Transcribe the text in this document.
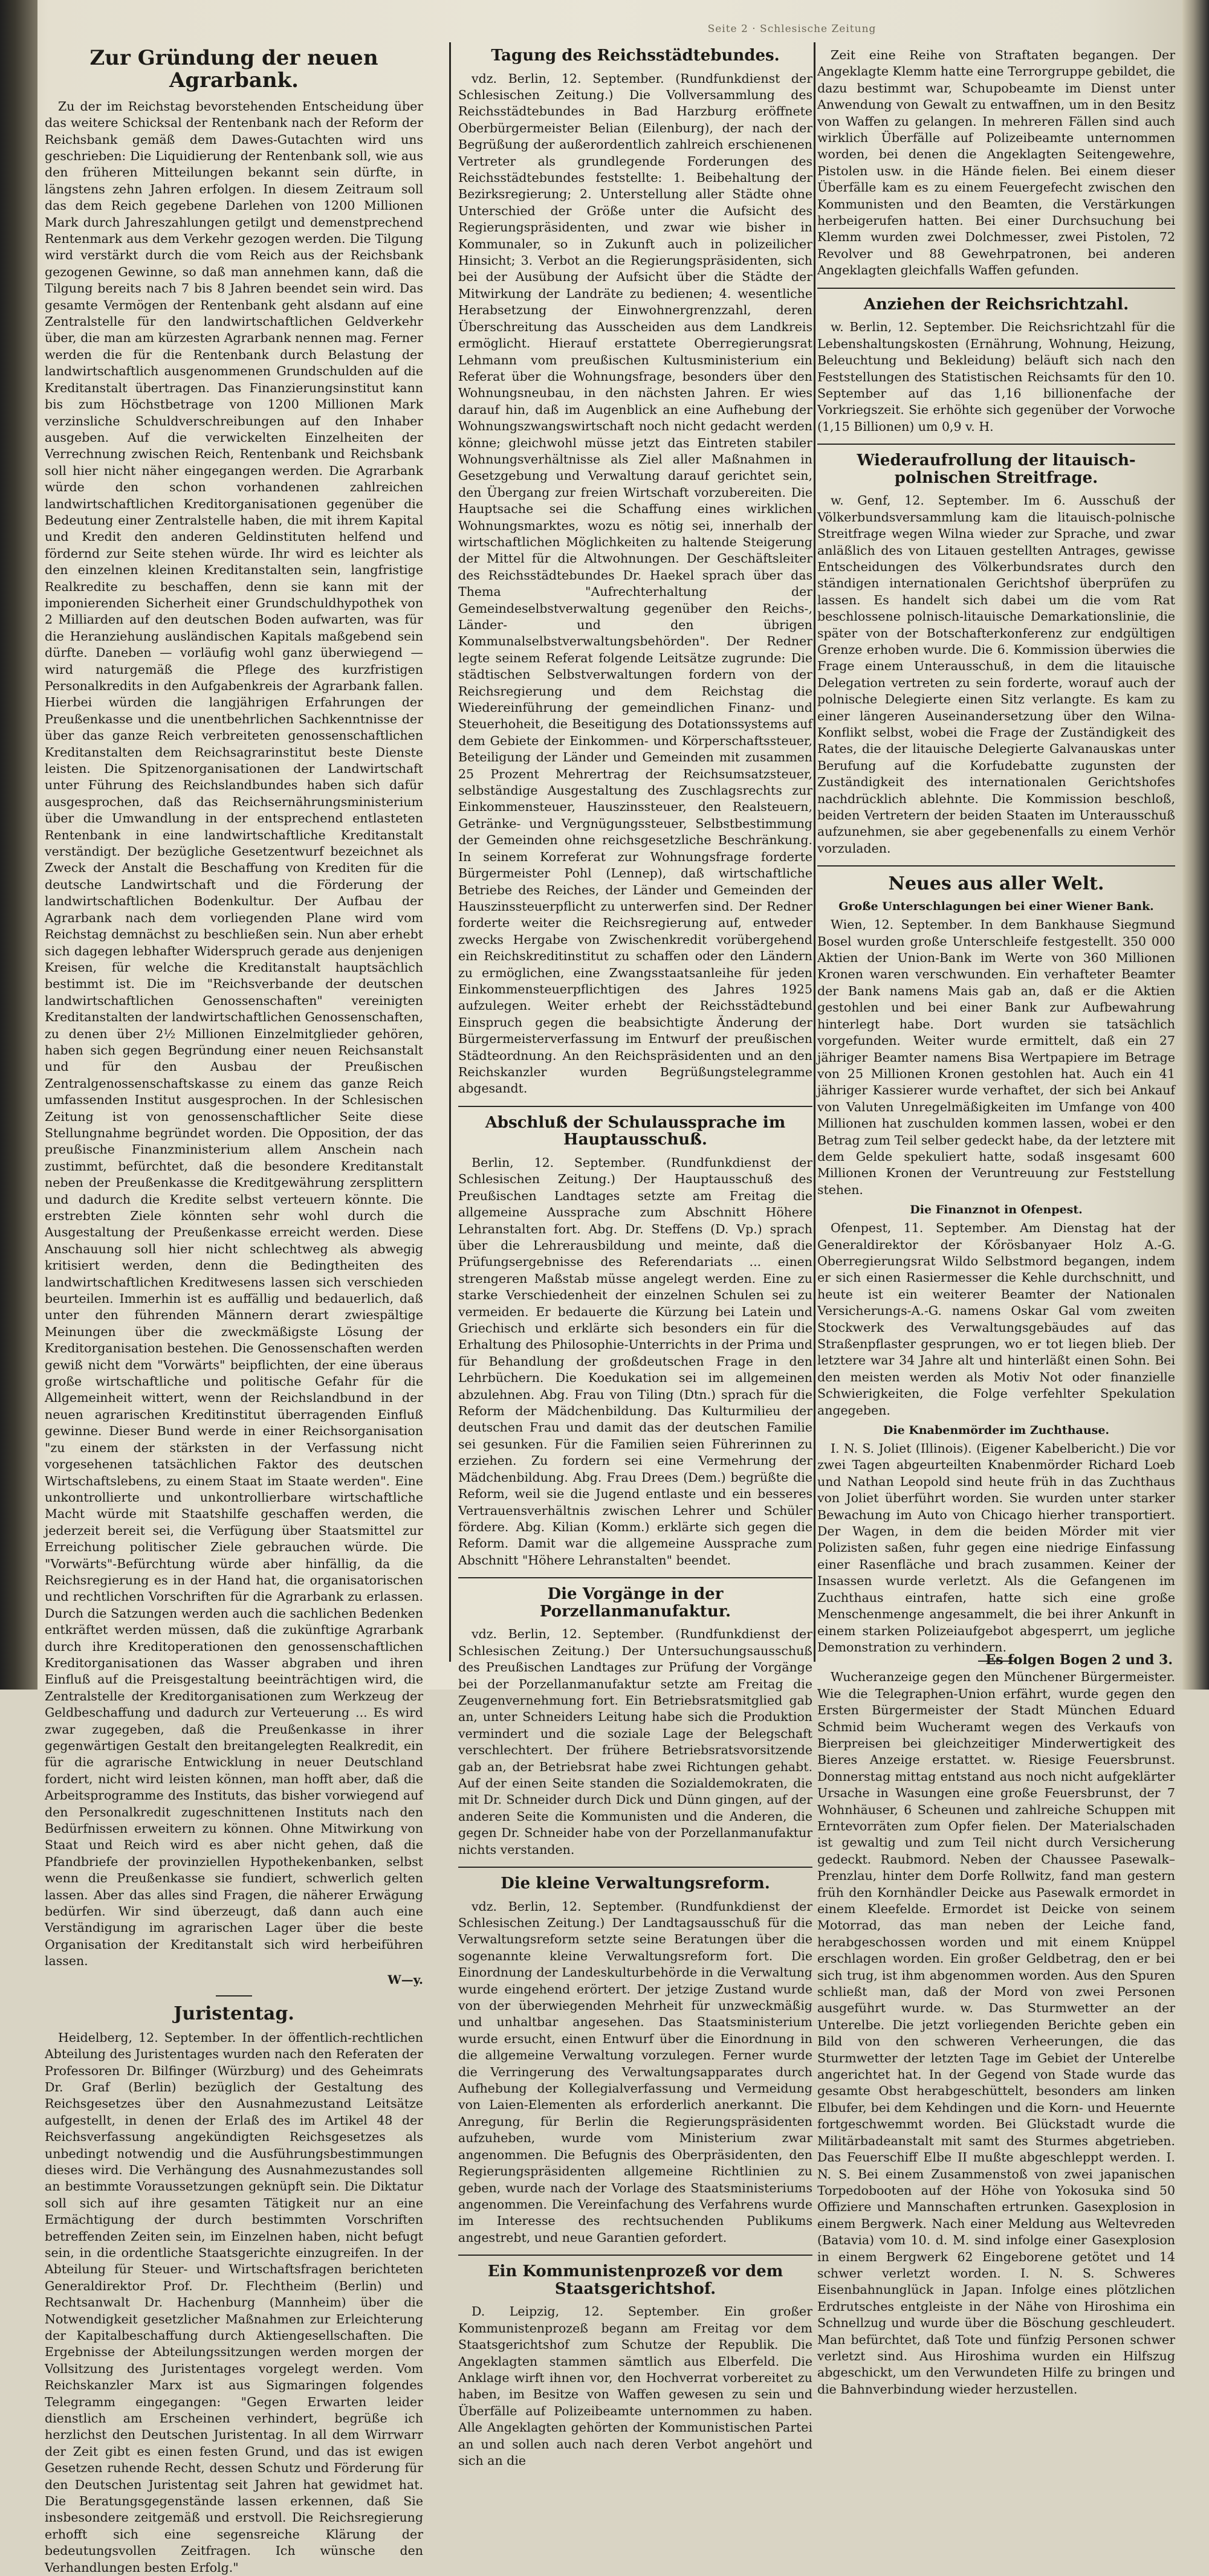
Seite 2 · Schlesische Zeitung
Zur Gründung der neuen Agrarbank.

Zu der im Reichstag bevorstehenden Entscheidung über das weitere Schicksal der Rentenbank nach der Reform der Reichsbank gemäß dem Dawes-Gutachten wird uns geschrieben: Die Liquidierung der Rentenbank soll, wie aus den früheren Mitteilungen bekannt sein dürfte, in längstens zehn Jahren erfolgen. In diesem Zeitraum soll das dem Reich gegebene Darlehen von 1200 Millionen Mark durch Jahreszahlungen getilgt und demenstprechend Rentenmark aus dem Verkehr gezogen werden. Die Tilgung wird verstärkt durch die vom Reich aus der Reichsbank gezogenen Gewinne, so daß man annehmen kann, daß die Tilgung bereits nach 7 bis 8 Jahren beendet sein wird. Das gesamte Vermögen der Rentenbank geht alsdann auf eine Zentralstelle für den landwirtschaftlichen Geldverkehr über, die man am kürzesten Agrarbank nennen mag. Ferner werden die für die Rentenbank durch Belastung der landwirtschaftlich ausgenommenen Grundschulden auf die Kreditanstalt übertragen. Das Finanzierungsinstitut kann bis zum Höchstbetrage von 1200 Millionen Mark verzinsliche Schuldverschreibungen auf den Inhaber ausgeben. Auf die verwickelten Einzelheiten der Verrechnung zwischen Reich, Rentenbank und Reichsbank soll hier nicht näher eingegangen werden. Die Agrarbank würde den schon vorhandenen zahlreichen landwirtschaftlichen Kreditorganisationen gegenüber die Bedeutung einer Zentralstelle haben, die mit ihrem Kapital und Kredit den anderen Geldinstituten helfend und fördernd zur Seite stehen würde. Ihr wird es leichter als den einzelnen kleinen Kreditanstalten sein, langfristige Realkredite zu beschaffen, denn sie kann mit der imponierenden Sicherheit einer Grundschuldhypothek von 2 Milliarden auf den deutschen Boden aufwarten, was für die Heranziehung ausländischen Kapitals maßgebend sein dürfte. Daneben — vorläufig wohl ganz überwiegend — wird naturgemäß die Pflege des kurzfristigen Personalkredits in den Aufgabenkreis der Agrarbank fallen. Hierbei würden die langjährigen Erfahrungen der Preußenkasse und die unentbehrlichen Sachkenntnisse der über das ganze Reich verbreiteten genossenschaftlichen Kreditanstalten dem Reichsagrarinstitut beste Dienste leisten. Die Spitzenorganisationen der Landwirtschaft unter Führung des Reichslandbundes haben sich dafür ausgesprochen, daß das Reichsernährungsministerium über die Umwandlung in der entsprechend entlasteten Rentenbank in eine landwirtschaftliche Kreditanstalt verständigt. Der bezügliche Gesetzentwurf bezeichnet als Zweck der Anstalt die Beschaffung von Krediten für die deutsche Landwirtschaft und die Förderung der landwirtschaftlichen Bodenkultur. Der Aufbau der Agrarbank nach dem vorliegenden Plane wird vom Reichstag demnächst zu beschließen sein. Nun aber erhebt sich dagegen lebhafter Widerspruch gerade aus denjenigen Kreisen, für welche die Kreditanstalt hauptsächlich bestimmt ist. Die im "Reichsverbande der deutschen landwirtschaftlichen Genossenschaften" vereinigten Kreditanstalten der landwirtschaftlichen Genossenschaften, zu denen über 2½ Millionen Einzelmitglieder gehören, haben sich gegen Begründung einer neuen Reichsanstalt und für den Ausbau der Preußischen Zentralgenossenschaftskasse zu einem das ganze Reich umfassenden Institut ausgesprochen. In der Schlesischen Zeitung ist von genossenschaftlicher Seite diese Stellungnahme begründet worden. Die Opposition, der das preußische Finanzministerium allem Anschein nach zustimmt, befürchtet, daß die besondere Kreditanstalt neben der Preußenkasse die Kreditgewährung zersplittern und dadurch die Kredite selbst verteuern könnte. Die erstrebten Ziele könnten sehr wohl durch die Ausgestaltung der Preußenkasse erreicht werden. Diese Anschauung soll hier nicht schlechtweg als abwegig kritisiert werden, denn die Bedingtheiten des landwirtschaftlichen Kreditwesens lassen sich verschieden beurteilen. Immerhin ist es auffällig und bedauerlich, daß unter den führenden Männern derart zwiespältige Meinungen über die zweckmäßigste Lösung der Kreditorganisation bestehen. Die Genossenschaften werden gewiß nicht dem "Vorwärts" beipflichten, der eine überaus große wirtschaftliche und politische Gefahr für die Allgemeinheit wittert, wenn der Reichslandbund in der neuen agrarischen Kreditinstitut überragenden Einfluß gewinne. Dieser Bund werde in einer Reichsorganisation "zu einem der stärksten in der Verfassung nicht vorgesehenen tatsächlichen Faktor des deutschen Wirtschaftslebens, zu einem Staat im Staate werden". Eine unkontrollierte und unkontrollierbare wirtschaftliche Macht würde mit Staatshilfe geschaffen werden, die jederzeit bereit sei, die Verfügung über Staatsmittel zur Erreichung politischer Ziele gebrauchen würde. Die "Vorwärts"-Befürchtung würde aber hinfällig, da die Reichsregierung es in der Hand hat, die organisatorischen und rechtlichen Vorschriften für die Agrarbank zu erlassen. Durch die Satzungen werden auch die sachlichen Bedenken entkräftet werden müssen, daß die zukünftige Agrarbank durch ihre Kreditoperationen den genossenschaftlichen Kreditorganisationen das Wasser abgraben und ihren Einfluß auf die Preisgestaltung beeinträchtigen wird, die Zentralstelle der Kreditorganisationen zum Werkzeug der Geldbeschaffung und dadurch zur Verteuerung ... Es wird zwar zugegeben, daß die Preußenkasse in ihrer gegenwärtigen Gestalt den breitangelegten Realkredit, ein für die agrarische Entwicklung in neuer Deutschland fordert, nicht wird leisten können, man hofft aber, daß die Arbeitsprogramme des Instituts, das bisher vorwiegend auf den Personalkredit zugeschnittenen Instituts nach den Bedürfnissen erweitern zu können. Ohne Mitwirkung von Staat und Reich wird es aber nicht gehen, daß die Pfandbriefe der provinziellen Hypothekenbanken, selbst wenn die Preußenkasse sie fundiert, schwerlich gelten lassen. Aber das alles sind Fragen, die näherer Erwägung bedürfen. Wir sind überzeugt, daß dann auch eine Verständigung im agrarischen Lager über die beste Organisation der Kreditanstalt sich wird herbeiführen lassen.

W—y.
Juristentag.

Heidelberg, 12. September. In der öffentlich-rechtlichen Abteilung des Juristentages wurden nach den Referaten der Professoren Dr. Bilfinger (Würzburg) und des Geheimrats Dr. Graf (Berlin) bezüglich der Gestaltung des Reichsgesetzes über den Ausnahmezustand Leitsätze aufgestellt, in denen der Erlaß des im Artikel 48 der Reichsverfassung angekündigten Reichsgesetzes als unbedingt notwendig und die Ausführungsbestimmungen dieses wird. Die Verhängung des Ausnahmezustandes soll an bestimmte Voraussetzungen geknüpft sein. Die Diktatur soll sich auf ihre gesamten Tätigkeit nur an eine Ermächtigung der durch bestimmten Vorschriften betreffenden Zeiten sein, im Einzelnen haben, nicht befugt sein, in die ordentliche Staatsgerichte einzugreifen. In der Abteilung für Steuer- und Wirtschaftsfragen berichteten Generaldirektor Prof. Dr. Flechtheim (Berlin) und Rechtsanwalt Dr. Hachenburg (Mannheim) über die Notwendigkeit gesetzlicher Maßnahmen zur Erleichterung der Kapitalbeschaffung durch Aktiengesellschaften. Die Ergebnisse der Abteilungssitzungen werden morgen der Vollsitzung des Juristentages vorgelegt werden. Vom Reichskanzler Marx ist aus Sigmaringen folgendes Telegramm eingegangen: "Gegen Erwarten leider dienstlich am Erscheinen verhindert, begrüße ich herzlichst den Deutschen Juristentag. In all dem Wirrwarr der Zeit gibt es einen festen Grund, und das ist ewigen Gesetzen ruhende Recht, dessen Schutz und Förderung für den Deutschen Juristentag seit Jahren hat gewidmet hat. Die Beratungsgegenstände lassen erkennen, daß Sie insbesondere zeitgemäß und erstvoll. Die Reichsregierung erhofft sich eine segensreiche Klärung der bedeutungsvollen Zeitfragen. Ich wünsche den Verhandlungen besten Erfolg."

Tagung des Reichsstädtebundes.

vdz. Berlin, 12. September. (Rundfunkdienst der Schlesischen Zeitung.) Die Vollversammlung des Reichsstädtebundes in Bad Harzburg eröffnete Oberbürgermeister Belian (Eilenburg), der nach der Begrüßung der außerordentlich zahlreich erschienenen Vertreter als grundlegende Forderungen des Reichsstädtebundes feststellte: 1. Beibehaltung der Bezirksregierung; 2. Unterstellung aller Städte ohne Unterschied der Größe unter die Aufsicht des Regierungspräsidenten, und zwar wie bisher in Kommunaler, so in Zukunft auch in polizeilicher Hinsicht; 3. Verbot an die Regierungspräsidenten, sich bei der Ausübung der Aufsicht über die Städte der Mitwirkung der Landräte zu bedienen; 4. wesentliche Herabsetzung der Einwohnergrenzzahl, deren Überschreitung das Ausscheiden aus dem Landkreis ermöglicht. Hierauf erstattete Oberregierungsrat Lehmann vom preußischen Kultusministerium ein Referat über die Wohnungsfrage, besonders über den Wohnungsneubau, in den nächsten Jahren. Er wies darauf hin, daß im Augenblick an eine Aufhebung der Wohnungszwangswirtschaft noch nicht gedacht werden könne; gleichwohl müsse jetzt das Eintreten stabiler Wohnungsverhältnisse als Ziel aller Maßnahmen in Gesetzgebung und Verwaltung darauf gerichtet sein, den Übergang zur freien Wirtschaft vorzubereiten. Die Hauptsache sei die Schaffung eines wirklichen Wohnungsmarktes, wozu es nötig sei, innerhalb der wirtschaftlichen Möglichkeiten zu haltende Steigerung der Mittel für die Altwohnungen. Der Geschäftsleiter des Reichsstädtebundes Dr. Haekel sprach über das Thema "Aufrechterhaltung der Gemeindeselbstverwaltung gegenüber den Reichs-, Länder- und den übrigen Kommunalselbstverwaltungsbehörden". Der Redner legte seinem Referat folgende Leitsätze zugrunde: Die städtischen Selbstverwaltungen fordern von der Reichsregierung und dem Reichstag die Wiedereinführung der gemeindlichen Finanz- und Steuerhoheit, die Beseitigung des Dotationssystems auf dem Gebiete der Einkommen- und Körperschaftssteuer, Beteiligung der Länder und Gemeinden mit zusammen 25 Prozent Mehrertrag der Reichsumsatzsteuer, selbständige Ausgestaltung des Zuschlagsrechts zur Einkommensteuer, Hauszinssteuer, den Realsteuern, Getränke- und Vergnügungssteuer, Selbstbestimmung der Gemeinden ohne reichsgesetzliche Beschränkung. In seinem Korreferat zur Wohnungsfrage forderte Bürgermeister Pohl (Lennep), daß wirtschaftliche Betriebe des Reiches, der Länder und Gemeinden der Hauszinssteuerpflicht zu unterwerfen sind. Der Redner forderte weiter die Reichsregierung auf, entweder zwecks Hergabe von Zwischenkredit vorübergehend ein Reichskreditinstitut zu schaffen oder den Ländern zu ermöglichen, eine Zwangsstaatsanleihe für jeden Einkommensteuerpflichtigen des Jahres 1925 aufzulegen. Weiter erhebt der Reichsstädtebund Einspruch gegen die beabsichtigte Änderung der Bürgermeisterverfassung im Entwurf der preußischen Städteordnung. An den Reichspräsidenten und an den Reichskanzler wurden Begrüßungstelegramme abgesandt.

Abschluß der Schulaussprache im Hauptausschuß.

Berlin, 12. September. (Rundfunkdienst der Schlesischen Zeitung.) Der Hauptausschuß des Preußischen Landtages setzte am Freitag die allgemeine Aussprache zum Abschnitt Höhere Lehranstalten fort. Abg. Dr. Steffens (D. Vp.) sprach über die Lehrerausbildung und meinte, daß die Prüfungsergebnisse des Referendariats ... einen strengeren Maßstab müsse angelegt werden. Eine zu starke Verschiedenheit der einzelnen Schulen sei zu vermeiden. Er bedauerte die Kürzung bei Latein und Griechisch und erklärte sich besonders ein für die Erhaltung des Philosophie-Unterrichts in der Prima und für Behandlung der großdeutschen Frage in den Lehrbüchern. Die Koedukation sei im allgemeinen abzulehnen. Abg. Frau von Tiling (Dtn.) sprach für die Reform der Mädchenbildung. Das Kulturmilieu der deutschen Frau und damit das der deutschen Familie sei gesunken. Für die Familien seien Führerinnen zu erziehen. Zu fordern sei eine Vermehrung der Mädchenbildung. Abg. Frau Drees (Dem.) begrüßte die Reform, weil sie die Jugend entlaste und ein besseres Vertrauensverhältnis zwischen Lehrer und Schüler fördere. Abg. Kilian (Komm.) erklärte sich gegen die Reform. Damit war die allgemeine Aussprache zum Abschnitt "Höhere Lehranstalten" beendet.

Die Vorgänge in der Porzellanmanufaktur.

vdz. Berlin, 12. September. (Rundfunkdienst der Schlesischen Zeitung.) Der Untersuchungsausschuß des Preußischen Landtages zur Prüfung der Vorgänge bei der Porzellanmanufaktur setzte am Freitag die Zeugenvernehmung fort. Ein Betriebsratsmitglied gab an, unter Schneiders Leitung habe sich die Produktion vermindert und die soziale Lage der Belegschaft verschlechtert. Der frühere Betriebsratsvorsitzende gab an, der Betriebsrat habe zwei Richtungen gehabt. Auf der einen Seite standen die Sozialdemokraten, die mit Dr. Schneider durch Dick und Dünn gingen, auf der anderen Seite die Kommunisten und die Anderen, die gegen Dr. Schneider habe von der Porzellanmanufaktur nichts verstanden.

Die kleine Verwaltungsreform.

vdz. Berlin, 12. September. (Rundfunkdienst der Schlesischen Zeitung.) Der Landtagsausschuß für die Verwaltungsreform setzte seine Beratungen über die sogenannte kleine Verwaltungsreform fort. Die Einordnung der Landeskulturbehörde in die Verwaltung wurde eingehend erörtert. Der jetzige Zustand wurde von der überwiegenden Mehrheit für unzweckmäßig und unhaltbar angesehen. Das Staatsministerium wurde ersucht, einen Entwurf über die Einordnung in die allgemeine Verwaltung vorzulegen. Ferner wurde die Verringerung des Verwaltungsapparates durch Aufhebung der Kollegialverfassung und Vermeidung von Laien-Elementen als erforderlich anerkannt. Die Anregung, für Berlin die Regierungspräsidenten aufzuheben, wurde vom Ministerium zwar angenommen. Die Befugnis des Oberpräsidenten, den Regierungspräsidenten allgemeine Richtlinien zu geben, wurde nach der Vorlage des Staatsministeriums angenommen. Die Vereinfachung des Verfahrens wurde im Interesse des rechtsuchenden Publikums angestrebt, und neue Garantien gefordert.

Ein Kommunistenprozeß vor dem Staatsgerichtshof.

D. Leipzig, 12. September. Ein großer Kommunistenprozeß begann am Freitag vor dem Staatsgerichtshof zum Schutze der Republik. Die Angeklagten stammen sämtlich aus Elberfeld. Die Anklage wirft ihnen vor, den Hochverrat vorbereitet zu haben, im Besitze von Waffen gewesen zu sein und Überfälle auf Polizeibeamte unternommen zu haben. Alle Angeklagten gehörten der Kommunistischen Partei an und sollen auch nach deren Verbot angehört und sich an die

Zeit eine Reihe von Straftaten begangen. Der Angeklagte Klemm hatte eine Terrorgruppe gebildet, die dazu bestimmt war, Schupobeamte im Dienst unter Anwendung von Gewalt zu entwaffnen, um in den Besitz von Waffen zu gelangen. In mehreren Fällen sind auch wirklich Überfälle auf Polizeibeamte unternommen worden, bei denen die Angeklagten Seitengewehre, Pistolen usw. in die Hände fielen. Bei einem dieser Überfälle kam es zu einem Feuergefecht zwischen den Kommunisten und den Beamten, die Verstärkungen herbeigerufen hatten. Bei einer Durchsuchung bei Klemm wurden zwei Dolchmesser, zwei Pistolen, 72 Revolver und 88 Gewehrpatronen, bei anderen Angeklagten gleichfalls Waffen gefunden.

Anziehen der Reichsrichtzahl.

w. Berlin, 12. September. Die Reichsrichtzahl für die Lebenshaltungskosten (Ernährung, Wohnung, Heizung, Beleuchtung und Bekleidung) beläuft sich nach den Feststellungen des Statistischen Reichsamts für den 10. September auf das 1,16 billionenfache der Vorkriegszeit. Sie erhöhte sich gegenüber der Vorwoche (1,15 Billionen) um 0,9 v. H.

Wiederaufrollung der litauisch-polnischen Streitfrage.

w. Genf, 12. September. Im 6. Ausschuß der Völkerbundsversammlung kam die litauisch-polnische Streitfrage wegen Wilna wieder zur Sprache, und zwar anläßlich des von Litauen gestellten Antrages, gewisse Entscheidungen des Völkerbundsrates durch den ständigen internationalen Gerichtshof überprüfen zu lassen. Es handelt sich dabei um die vom Rat beschlossene polnisch-litauische Demarkationslinie, die später von der Botschafterkonferenz zur endgültigen Grenze erhoben wurde. Die 6. Kommission überwies die Frage einem Unterausschuß, in dem die litauische Delegation vertreten zu sein forderte, worauf auch der polnische Delegierte einen Sitz verlangte. Es kam zu einer längeren Auseinandersetzung über den Wilna-Konflikt selbst, wobei die Frage der Zuständigkeit des Rates, die der litauische Delegierte Galvanauskas unter Berufung auf die Korfudebatte zugunsten der Zuständigkeit des internationalen Gerichtshofes nachdrücklich ablehnte. Die Kommission beschloß, beiden Vertretern der beiden Staaten im Unterausschuß aufzunehmen, sie aber gegebenenfalls zu einem Verhör vorzuladen.

Neues aus aller Welt.
Große Unterschlagungen bei einer Wiener Bank.

Wien, 12. September. In dem Bankhause Siegmund Bosel wurden große Unterschleife festgestellt. 350 000 Aktien der Union-Bank im Werte von 360 Millionen Kronen waren verschwunden. Ein verhafteter Beamter der Bank namens Mais gab an, daß er die Aktien gestohlen und bei einer Bank zur Aufbewahrung hinterlegt habe. Dort wurden sie tatsächlich vorgefunden. Weiter wurde ermittelt, daß ein 27 jähriger Beamter namens Bisa Wertpapiere im Betrage von 25 Millionen Kronen gestohlen hat. Auch ein 41 jähriger Kassierer wurde verhaftet, der sich bei Ankauf von Valuten Unregelmäßigkeiten im Umfange von 400 Millionen hat zuschulden kommen lassen, wobei er den Betrag zum Teil selber gedeckt habe, da der letztere mit dem Gelde spekuliert hatte, sodaß insgesamt 600 Millionen Kronen der Veruntreuung zur Feststellung stehen.

Die Finanznot in Ofenpest.

Ofenpest, 11. September. Am Dienstag hat der Generaldirektor der Kőrösbanyaer Holz A.-G. Oberregierungsrat Wildo Selbstmord begangen, indem er sich einen Rasiermesser die Kehle durchschnitt, und heute ist ein weiterer Beamter der Nationalen Versicherungs-A.-G. namens Oskar Gal vom zweiten Stockwerk des Verwaltungsgebäudes auf das Straßenpflaster gesprungen, wo er tot liegen blieb. Der letztere war 34 Jahre alt und hinterläßt einen Sohn. Bei den meisten werden als Motiv Not oder finanzielle Schwierigkeiten, die Folge verfehlter Spekulation angegeben.

Die Knabenmörder im Zuchthause.

I. N. S. Joliet (Illinois). (Eigener Kabelbericht.) Die vor zwei Tagen abgeurteilten Knabenmörder Richard Loeb und Nathan Leopold sind heute früh in das Zuchthaus von Joliet überführt worden. Sie wurden unter starker Bewachung im Auto von Chicago hierher transportiert. Der Wagen, in dem die beiden Mörder mit vier Polizisten saßen, fuhr gegen eine niedrige Einfassung einer Rasenfläche und brach zusammen. Keiner der Insassen wurde verletzt. Als die Gefangenen im Zuchthaus eintrafen, hatte sich eine große Menschenmenge angesammelt, die bei ihrer Ankunft in einem starken Polizeiaufgebot abgesperrt, um jegliche Demonstration zu verhindern.

Wucheranzeige gegen den Münchener Bürgermeister. Wie die Telegraphen-Union erfährt, wurde gegen den Ersten Bürgermeister der Stadt München Eduard Schmid beim Wucheramt wegen des Verkaufs von Bierpreisen bei gleichzeitiger Minderwertigkeit des Bieres Anzeige erstattet. w. Riesige Feuersbrunst. Donnerstag mittag entstand aus noch nicht aufgeklärter Ursache in Wasungen eine große Feuersbrunst, der 7 Wohnhäuser, 6 Scheunen und zahlreiche Schuppen mit Erntevorräten zum Opfer fielen. Der Materialschaden ist gewaltig und zum Teil nicht durch Versicherung gedeckt. Raubmord. Neben der Chaussee Pasewalk–Prenzlau, hinter dem Dorfe Rollwitz, fand man gestern früh den Kornhändler Deicke aus Pasewalk ermordet in einem Kleefelde. Ermordet ist Deicke von seinem Motorrad, das man neben der Leiche fand, herabgeschossen worden und mit einem Knüppel erschlagen worden. Ein großer Geldbetrag, den er bei sich trug, ist ihm abgenommen worden. Aus den Spuren schließt man, daß der Mord von zwei Personen ausgeführt wurde. w. Das Sturmwetter an der Unterelbe. Die jetzt vorliegenden Berichte geben ein Bild von den schweren Verheerungen, die das Sturmwetter der letzten Tage im Gebiet der Unterelbe angerichtet hat. In der Gegend von Stade wurde das gesamte Obst herabgeschüttelt, besonders am linken Elbufer, bei dem Kehdingen und die Korn- und Heuernte fortgeschwemmt worden. Bei Glückstadt wurde die Militärbadeanstalt mit samt des Sturmes abgetrieben. Das Feuerschiff Elbe II mußte abgeschleppt werden. I. N. S. Bei einem Zusammenstoß von zwei japanischen Torpedobooten auf der Höhe von Yokosuka sind 50 Offiziere und Mannschaften ertrunken. Gasexplosion in einem Bergwerk. Nach einer Meldung aus Weltevreden (Batavia) vom 10. d. M. sind infolge einer Gasexplosion in einem Bergwerk 62 Eingeborene getötet und 14 schwer verletzt worden. I. N. S. Schweres Eisenbahnunglück in Japan. Infolge eines plötzlichen Erdrutsches entgleiste in der Nähe von Hiroshima ein Schnellzug und wurde über die Böschung geschleudert. Man befürchtet, daß Tote und fünfzig Personen schwer verletzt sind. Aus Hiroshima wurden ein Hilfszug abgeschickt, um den Verwundeten Hilfe zu bringen und die Bahnverbindung wieder herzustellen.

Es folgen Bogen 2 und 3.
